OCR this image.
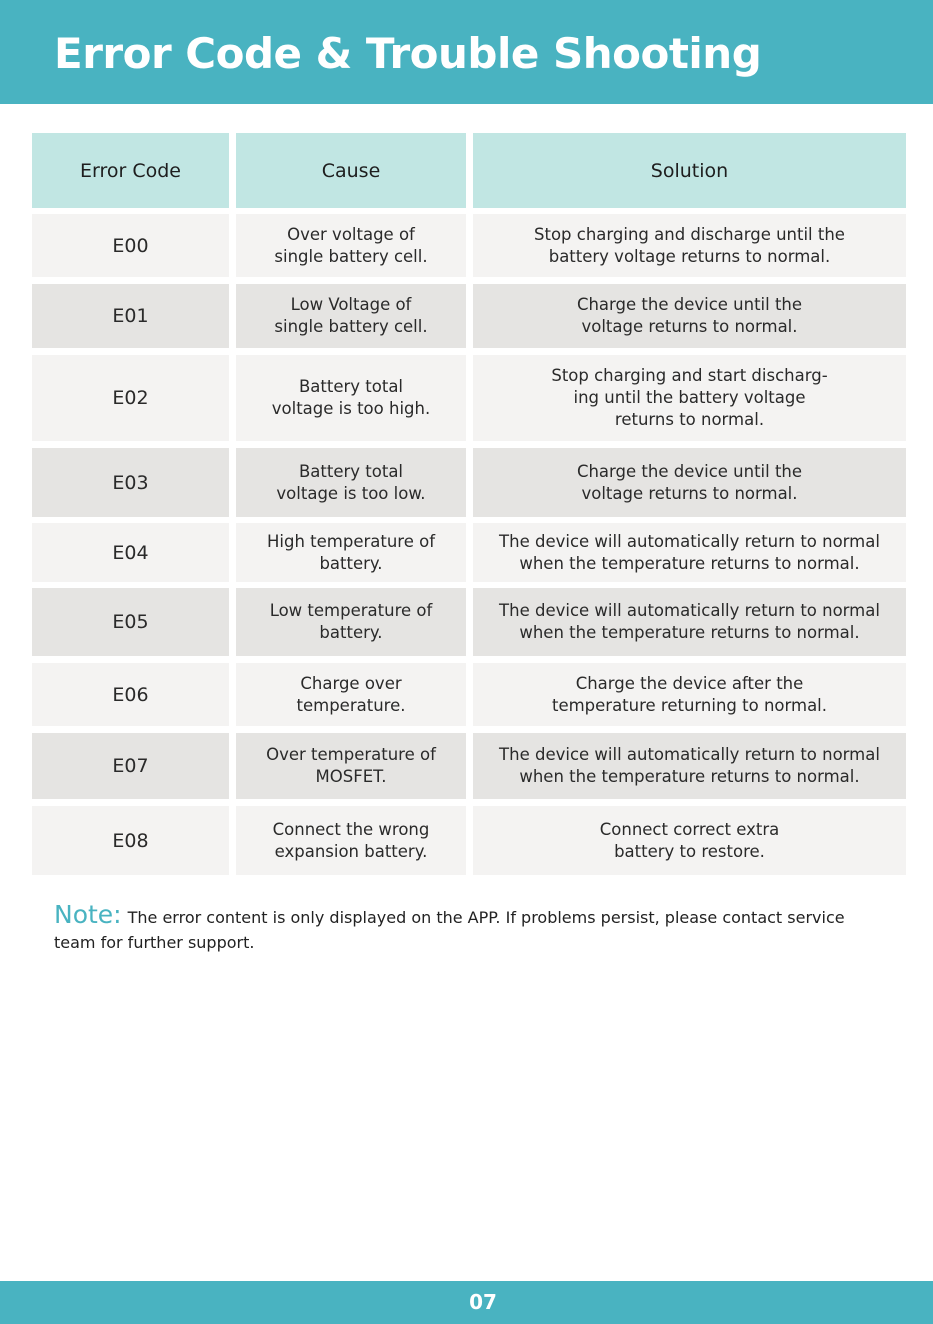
Error Code & Trouble Shooting
Error Code	Cause	Solution
E00
Over voltage of
single battery cell.
Stop charging and discharge until the
battery voltage returns to normal.
E01
Low Voltage of
single battery cell.
Charge the device until the
voltage returns to normal.
E02
Battery total
voltage is too high.
Stop charging and start discharg-
ing until the battery voltage
returns to normal.
E03
Battery total
voltage is too low.
Charge the device until the
voltage returns to normal.
E04
High temperature of
battery.
The device will automatically return to normal
when the temperature returns to normal.
E05
Low temperature of
battery.
The device will automatically return to normal
when the temperature returns to normal.
E06
Charge over
temperature.
Charge the device after the
temperature returning to normal.
E07
Over temperature of
MOSFET.
The device will automatically return to normal
when the temperature returns to normal.
E08
Connect the wrong
expansion battery.
Connect correct extra
battery to restore.

Note: The error content is only displayed on the APP. If problems persist, please contact service team for further support.

07
